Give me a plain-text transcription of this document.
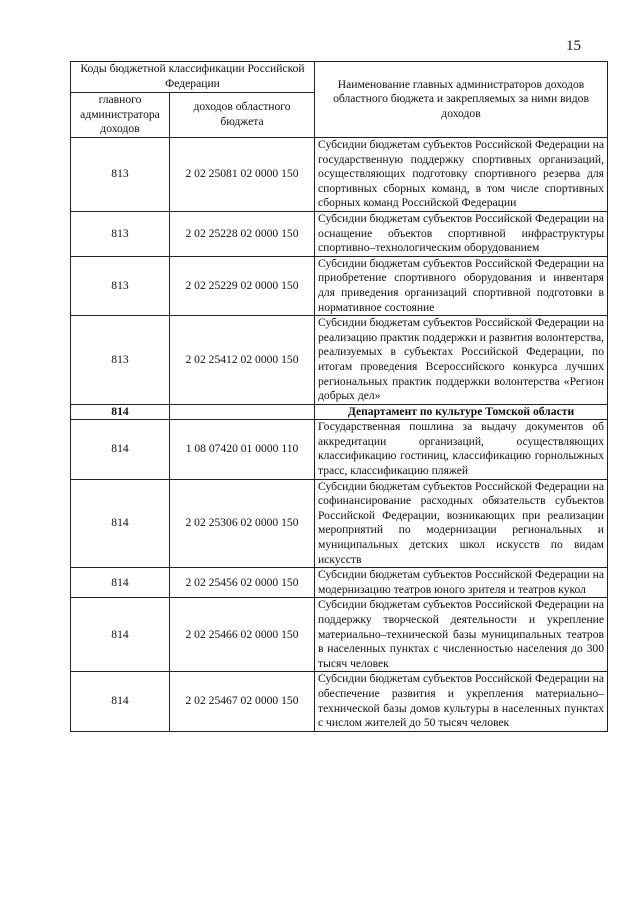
15
Коды бюджетной классификации Российской Федерации		Наименование главных администраторов доходов областного бюджета и закрепляемых за ними видов доходов
главного администратора доходов	доходов областного бюджета	
813	2 02 25081 02 0000 150	Субсидии бюджетам субъектов Российской Федерации на государственную поддержку спортивных организаций, осуществляющих подготовку спортивного резерва для спортивных сборных команд, в том числе спортивных сборных команд Российской Федерации
813	2 02 25228 02 0000 150	Субсидии бюджетам субъектов Российской Федерации на оснащение объектов спортивной инфраструктуры спортивно–технологическим оборудованием
813	2 02 25229 02 0000 150	Субсидии бюджетам субъектов Российской Федерации на приобретение спортивного оборудования и инвентаря для приведения организаций спортивной подготовки в нормативное состояние
813	2 02 25412 02 0000 150	Субсидии бюджетам субъектов Российской Федерации на реализацию практик поддержки и развития волонтерства, реализуемых в субъектах Российской Федерации, по итогам проведения Всероссийского конкурса лучших региональных практик поддержки волонтерства «Регион добрых дел»
814		Департамент по культуре Томской области
814	1 08 07420 01 0000 110	Государственная пошлина за выдачу документов об аккредитации организаций, осуществляющих классификацию гостиниц, классификацию горнолыжных трасс, классификацию пляжей
814	2 02 25306 02 0000 150	Субсидии бюджетам субъектов Российской Федерации на софинансирование расходных обязательств субъектов Российской Федерации, возникающих при реализации мероприятий по модернизации региональных и муниципальных детских школ искусств по видам искусств
814	2 02 25456 02 0000 150	Субсидии бюджетам субъектов Российской Федерации на модернизацию театров юного зрителя и театров кукол
814	2 02 25466 02 0000 150	Субсидии бюджетам субъектов Российской Федерации на поддержку творческой деятельности и укрепление материально–технической базы муниципальных театров в населенных пунктах с численностью населения до 300 тысяч человек
814	2 02 25467 02 0000 150	Субсидии бюджетам субъектов Российской Федерации на обеспечение развития и укрепления материально–технической базы домов культуры в населенных пунктах с числом жителей до 50 тысяч человек
